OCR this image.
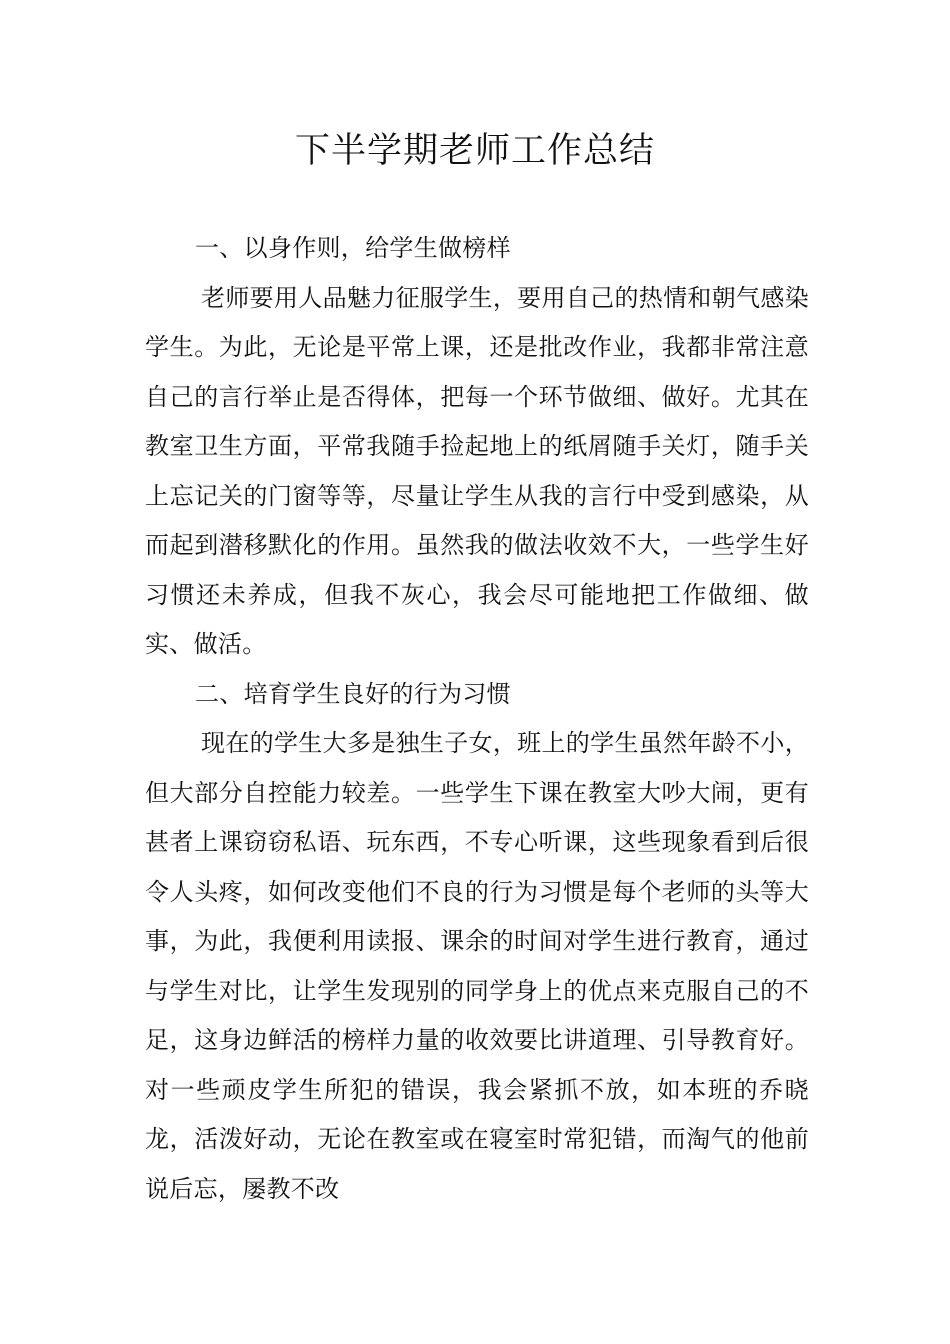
下半学期老师工作总结

一、以身作则，给学生做榜样

老师要用人品魅力征服学生，要用自己的热情和朝气感染学生。为此，无论是平常上课，还是批改作业，我都非常注意自己的言行举止是否得体，把每一个环节做细、做好。尤其在教室卫生方面，平常我随手捡起地上的纸屑随手关灯，随手关上忘记关的门窗等等，尽量让学生从我的言行中受到感染，从而起到潜移默化的作用。虽然我的做法收效不大，一些学生好习惯还未养成，但我不灰心，我会尽可能地把工作做细、做实、做活。

二、培育学生良好的行为习惯

现在的学生大多是独生子女，班上的学生虽然年龄不小，但大部分自控能力较差。一些学生下课在教室大吵大闹，更有甚者上课窃窃私语、玩东西，不专心听课，这些现象看到后很令人头疼，如何改变他们不良的行为习惯是每个老师的头等大事，为此，我便利用读报、课余的时间对学生进行教育，通过与学生对比，让学生发现别的同学身上的优点来克服自己的不足，这身边鲜活的榜样力量的收效要比讲道理、引导教育好。对一些顽皮学生所犯的错误，我会紧抓不放，如本班的乔晓龙，活泼好动，无论在教室或在寝室时常犯错，而淘气的他前说后忘，屡教不改
